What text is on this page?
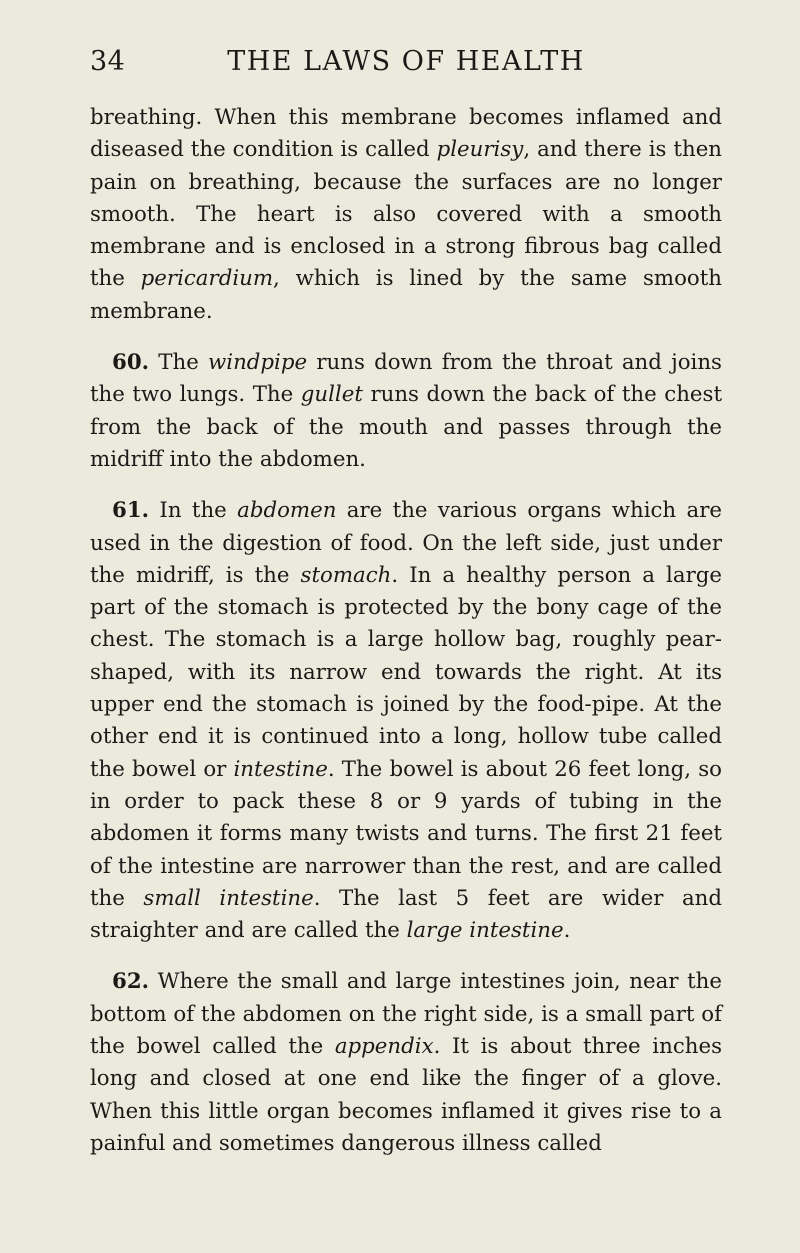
34	THE LAWS OF HEALTH

breathing. When this membrane becomes inflamed and diseased the condition is called pleurisy, and there is then pain on breathing, because the surfaces are no longer smooth. The heart is also covered with a smooth membrane and is enclosed in a strong fibrous bag called the pericardium, which is lined by the same smooth membrane.

60. The windpipe runs down from the throat and joins the two lungs. The gullet runs down the back of the chest from the back of the mouth and passes through the midriff into the abdomen.

61. In the abdomen are the various organs which are used in the digestion of food. On the left side, just under the midriff, is the stomach. In a healthy person a large part of the stomach is protected by the bony cage of the chest. The stomach is a large hollow bag, roughly pear-shaped, with its narrow end towards the right. At its upper end the stomach is joined by the food-pipe. At the other end it is continued into a long, hollow tube called the bowel or intestine. The bowel is about 26 feet long, so in order to pack these 8 or 9 yards of tubing in the abdomen it forms many twists and turns. The first 21 feet of the intestine are narrower than the rest, and are called the small intestine. The last 5 feet are wider and straighter and are called the large intestine.

62. Where the small and large intestines join, near the bottom of the abdomen on the right side, is a small part of the bowel called the appendix. It is about three inches long and closed at one end like the finger of a glove. When this little organ becomes inflamed it gives rise to a painful and sometimes dangerous illness called
